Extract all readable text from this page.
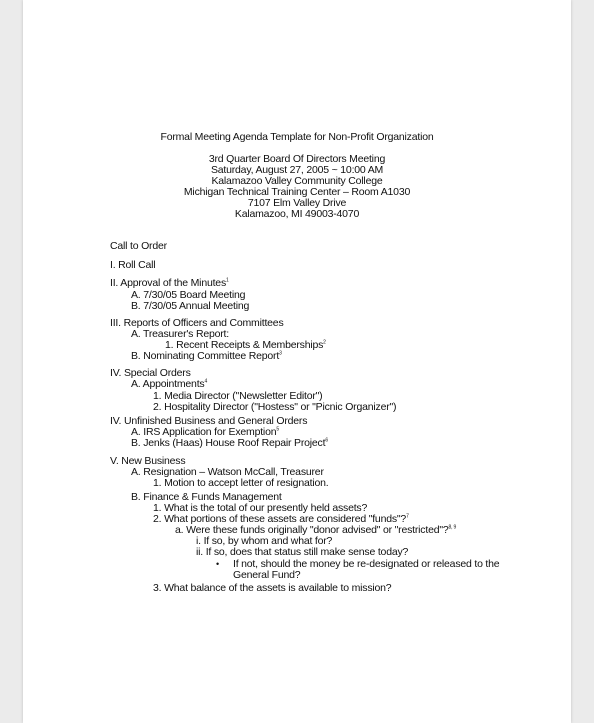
Formal Meeting Agenda Template for Non-Profit Organization
3rd Quarter Board Of Directors Meeting
Saturday, August 27, 2005 ~ 10:00 AM
Kalamazoo Valley Community College
Michigan Technical Training Center – Room A1030
7107 Elm Valley Drive
Kalamazoo, MI 49003-4070
Call to Order
I. Roll Call
II. Approval of the Minutes$^1$
A. 7/30/05 Board Meeting
B. 7/30/05 Annual Meeting
III. Reports of Officers and Committees
A. Treasurer's Report:
1. Recent Receipts & Memberships$^2$
B. Nominating Committee Report$^3$
IV. Special Orders
A. Appointments$^4$
1. Media Director ("Newsletter Editor")
2. Hospitality Director ("Hostess" or "Picnic Organizer")
IV. Unfinished Business and General Orders
A. IRS Application for Exemption$^5$
B. Jenks (Haas) House Roof Repair Project$^6$
V. New Business
A. Resignation – Watson McCall, Treasurer
1. Motion to accept letter of resignation.
B. Finance & Funds Management
1. What is the total of our presently held assets?
2. What portions of these assets are considered "funds"?$^7$
a. Were these funds originally "donor advised" or "restricted"?$^{8, 9}$
i. If so, by whom and what for?
ii. If so, does that status still make sense today?
• If not, should the money be re-designated or released to the
General Fund?
3. What balance of the assets is available to mission?
